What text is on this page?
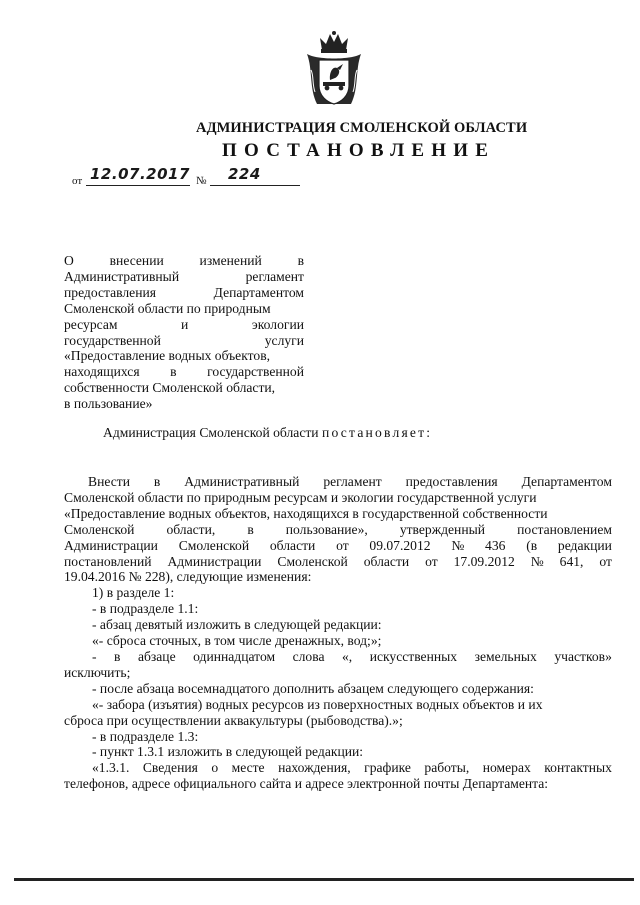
АДМИНИСТРАЦИЯ СМОЛЕНСКОЙ ОБЛАСТИ
ПОСТАНОВЛЕНИЕ
от 12.07.2017 № 224
О	внесении	изменений	в
Административный	регламент
предоставления	Департаментом
Смоленской области по природным
ресурсам	и	экологии
государственной	услуги
«Предоставление водных объектов,
находящихся в государственной
собственности Смоленской области,
в пользование»
Администрация Смоленской области постановляет:
Внести в Административный регламент предоставления Департаментом
Смоленской области по природным ресурсам и экологии государственной услуги
«Предоставление водных объектов, находящихся в государственной собственности
Смоленской области, в пользование», утвержденный постановлением
Администрации Смоленской области от 09.07.2012 № 436 (в редакции
постановлений Администрации Смоленской области от 17.09.2012 № 641, от
19.04.2016 № 228), следующие изменения:
1) в разделе 1:
- в подразделе 1.1:
- абзац девятый изложить в следующей редакции:
«- сброса сточных, в том числе дренажных, вод;»;
- в абзаце одиннадцатом слова «, искусственных земельных участков»
исключить;
- после абзаца восемнадцатого дополнить абзацем следующего содержания:
«- забора (изъятия) водных ресурсов из поверхностных водных объектов и их
сброса при осуществлении аквакультуры (рыбоводства).»;
- в подразделе 1.3:
- пункт 1.3.1 изложить в следующей редакции:
«1.3.1. Сведения о месте нахождения, графике работы, номерах контактных
телефонов, адресе официального сайта и адресе электронной почты Департамента:
